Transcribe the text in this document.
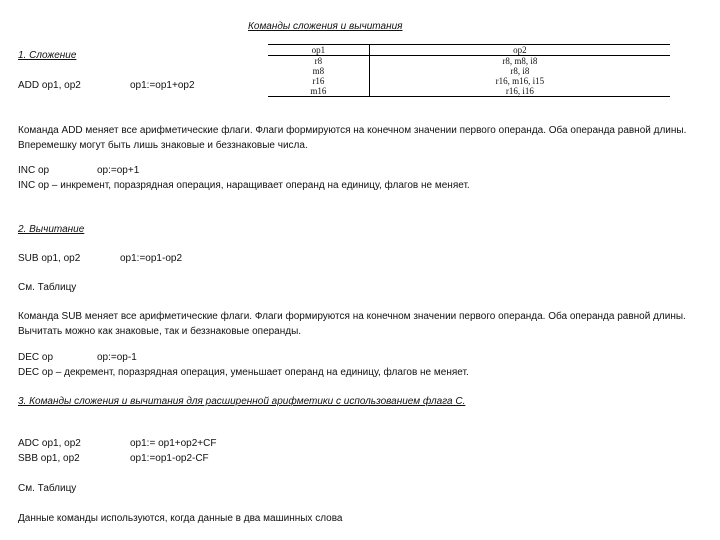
Команды сложения и вычитания
1. Сложение
ADD op1, op2	op1:=op1+op2
op1	op2
r8	r8, m8, i8
m8	r8, i8
r16	r16, m16, i15
m16	r16, i16
Команда ADD меняет все арифметические флаги. Флаги формируются на конечном значении первого операнда. Оба операнда равной длины. Вперемешку могут быть лишь знаковые и беззнаковые числа.
INC op	op:=op+1
INC op – инкремент, поразрядная операция, наращивает операнд на единицу, флагов не меняет.
2. Вычитание
SUB op1, op2	op1:=op1-op2
См. Таблицу
Команда SUB меняет все арифметические флаги. Флаги формируются на конечном значении первого операнда. Оба операнда равной длины. Вычитать можно как знаковые, так и беззнаковые операнды.
DEC op	op:=op-1
DEC op – декремент, поразрядная операция, уменьшает операнд на единицу, флагов не меняет.
3. Команды сложения и вычитания для расширенной арифметики с использованием флага С.
ADC op1, op2	op1:= op1+op2+CF
SBB op1, op2	op1:=op1-op2-CF
См. Таблицу
Данные команды используются, когда данные в два машинных слова
